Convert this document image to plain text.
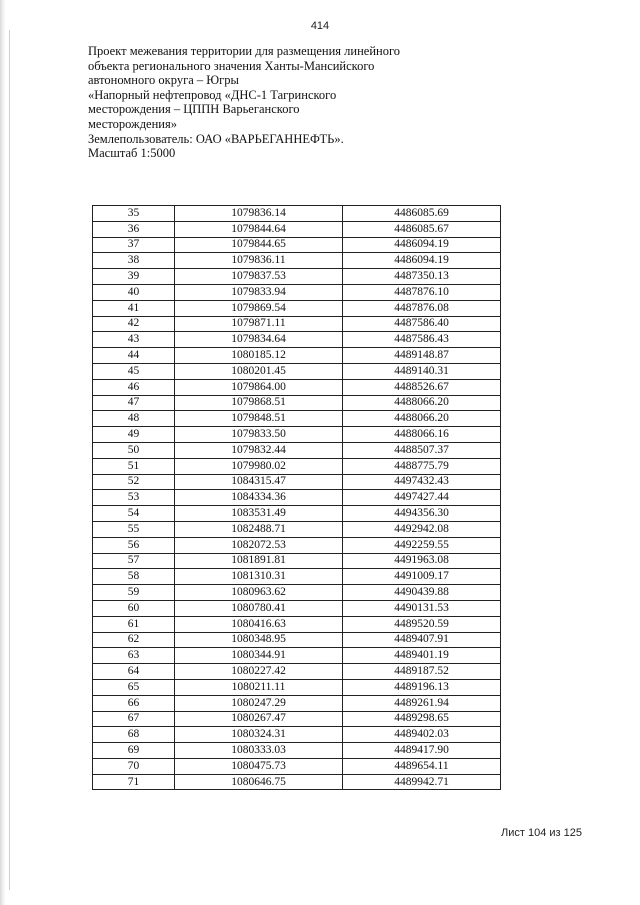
414
Проект межевания территории для размещения линейного
объекта регионального значения Ханты-Мансийского
автономного округа – Югры
«Напорный нефтепровод «ДНС-1 Тагринского
месторождения – ЦППН Варьеганского
месторождения»
Землепользователь: ОАО «ВАРЬЕГАННЕФТЬ».
Масштаб 1:5000
35	1079836.14	4486085.69
36	1079844.64	4486085.67
37	1079844.65	4486094.19
38	1079836.11	4486094.19
39	1079837.53	4487350.13
40	1079833.94	4487876.10
41	1079869.54	4487876.08
42	1079871.11	4487586.40
43	1079834.64	4487586.43
44	1080185.12	4489148.87
45	1080201.45	4489140.31
46	1079864.00	4488526.67
47	1079868.51	4488066.20
48	1079848.51	4488066.20
49	1079833.50	4488066.16
50	1079832.44	4488507.37
51	1079980.02	4488775.79
52	1084315.47	4497432.43
53	1084334.36	4497427.44
54	1083531.49	4494356.30
55	1082488.71	4492942.08
56	1082072.53	4492259.55
57	1081891.81	4491963.08
58	1081310.31	4491009.17
59	1080963.62	4490439.88
60	1080780.41	4490131.53
61	1080416.63	4489520.59
62	1080348.95	4489407.91
63	1080344.91	4489401.19
64	1080227.42	4489187.52
65	1080211.11	4489196.13
66	1080247.29	4489261.94
67	1080267.47	4489298.65
68	1080324.31	4489402.03
69	1080333.03	4489417.90
70	1080475.73	4489654.11
71	1080646.75	4489942.71
Лист 104 из 125
